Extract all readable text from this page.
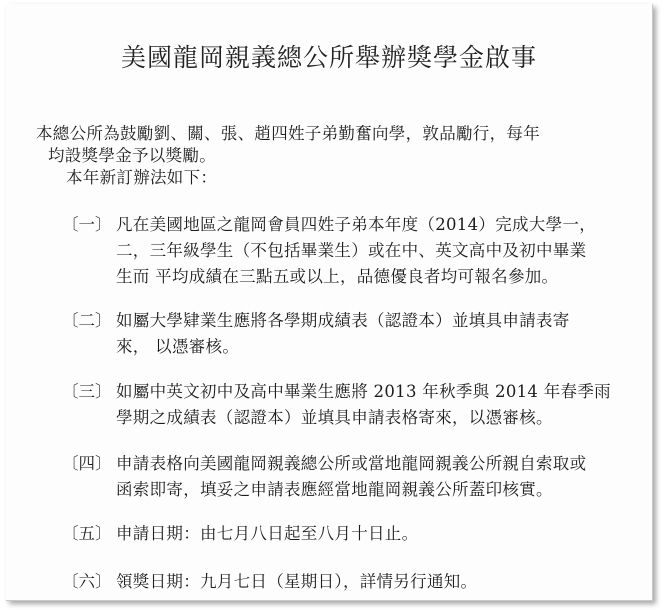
美國龍岡親義總公所舉辦獎學金啟事
本總公所為鼓勵劉、關、張、趙四姓子弟勤奮向學，敦品勵行，每年
均設獎學金予以獎勵。
本年新訂辦法如下：
〔一〕 凡在美國地區之龍岡會員四姓子弟本年度（2014）完成大學一，
二，三年級學生（不包括畢業生）或在中、英文高中及初中畢業
生而 平均成績在三點五或以上，品德優良者均可報名參加。
〔二〕 如屬大學肄業生應將各學期成績表（認證本）並填具申請表寄
來， 以憑審核。
〔三〕 如屬中英文初中及高中畢業生應將 2013 年秋季與 2014 年春季雨
學期之成績表（認證本）並填具申請表格寄來，以憑審核。
〔四〕 申請表格向美國龍岡親義總公所或當地龍岡親義公所親自索取或
函索即寄，填妥之申請表應經當地龍岡親義公所蓋印核實。
〔五〕 申請日期：由七月八日起至八月十日止。
〔六〕 領獎日期：九月七日（星期日），詳情另行通知。
